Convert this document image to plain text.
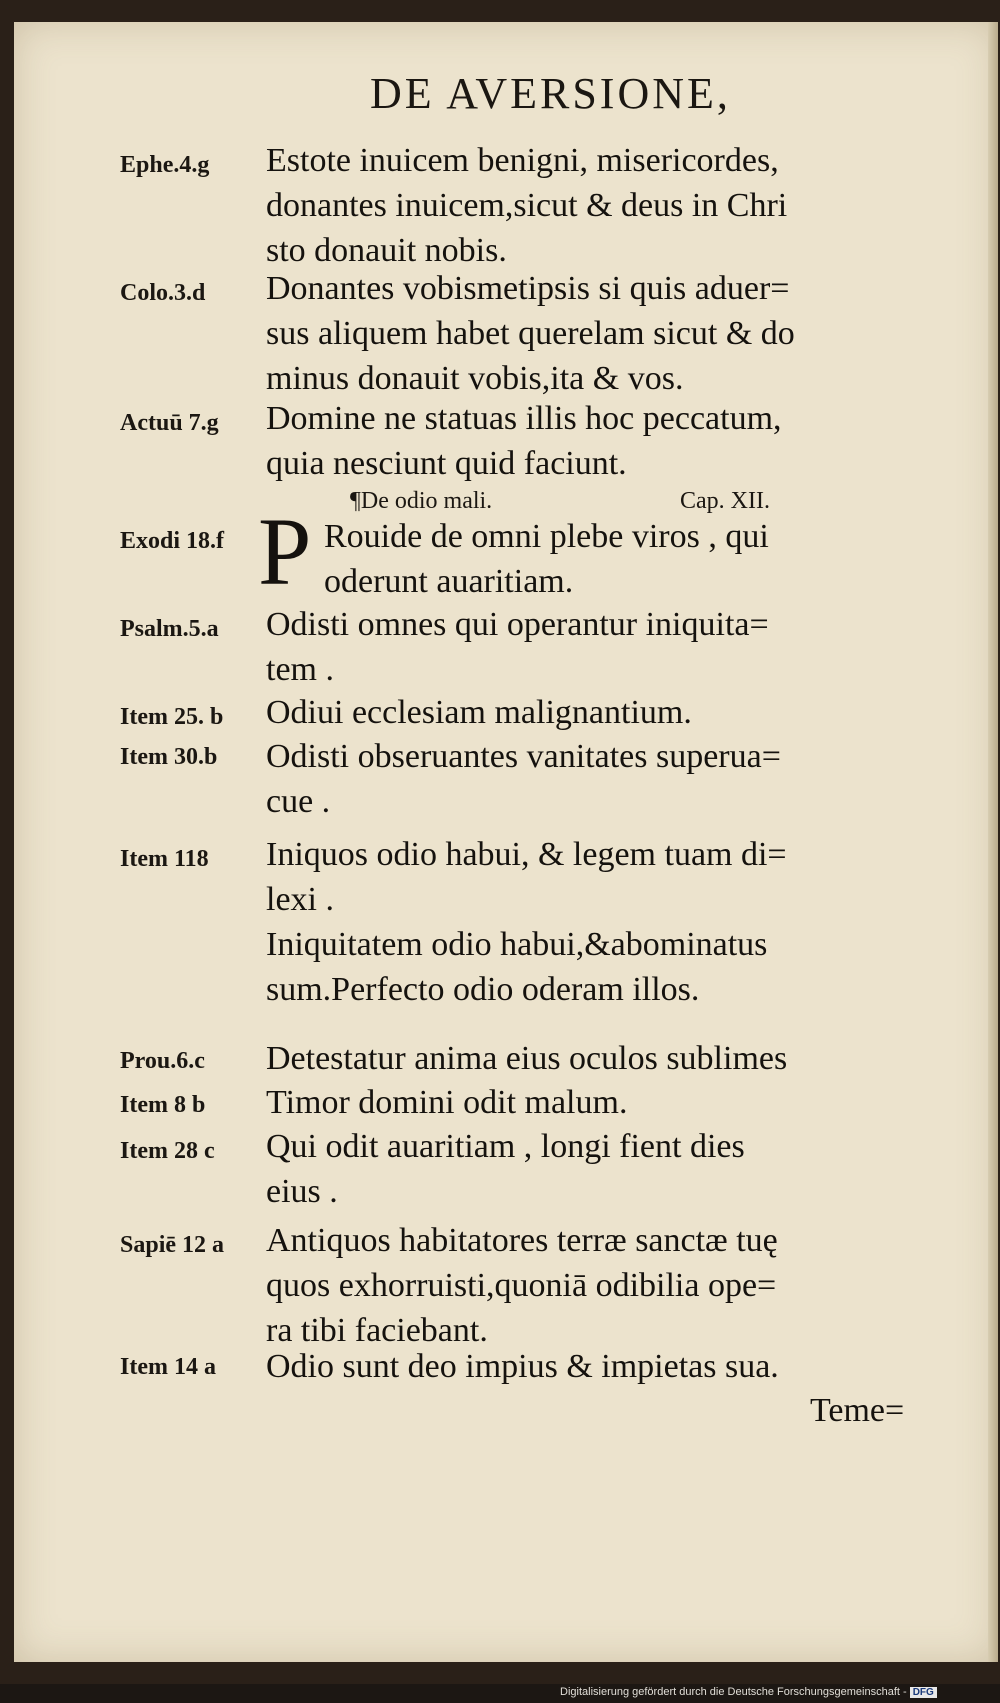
DE AVERSIONE,
Ephe.4.g	Estote inuicem benigni, misericordes,
donantes inuicem,sicut & deus in Chri
sto donauit nobis.
Colo.3.d	Donantes vobismetipsis si quis aduer=
sus aliquem habet querelam sicut & do
minus donauit vobis,ita & vos.
Actuū 7.g	Domine ne statuas illis hoc peccatum,
quia nesciunt quid faciunt.
¶De odio mali.	Cap. XII.
P
Exodi 18.f	Rouide de omni plebe viros , qui
oderunt auaritiam.
Psalm.5.a	Odisti omnes qui operantur iniquita=
tem .
Item 25. b	Odiui ecclesiam malignantium.
Item 30.b	Odisti obseruantes vanitates superua=
cue .
Item 118	Iniquos odio habui, & legem tuam di=
lexi .
Iniquitatem odio habui,&abominatus
sum.Perfecto odio oderam illos.
Prou.6.c	Detestatur anima eius oculos sublimes
Item 8 b	Timor domini odit malum.
Item 28 c	Qui odit auaritiam , longi fient dies
eius .
Sapiē 12 a	Antiquos habitatores terræ sanctæ tuę
quos exhorruisti,quoniā odibilia ope=
ra tibi faciebant.
Item 14 a	Odio sunt deo impius & impietas sua.
Teme=
Digitalisierung gefördert durch die Deutsche Forschungsgemeinschaft - DFG
